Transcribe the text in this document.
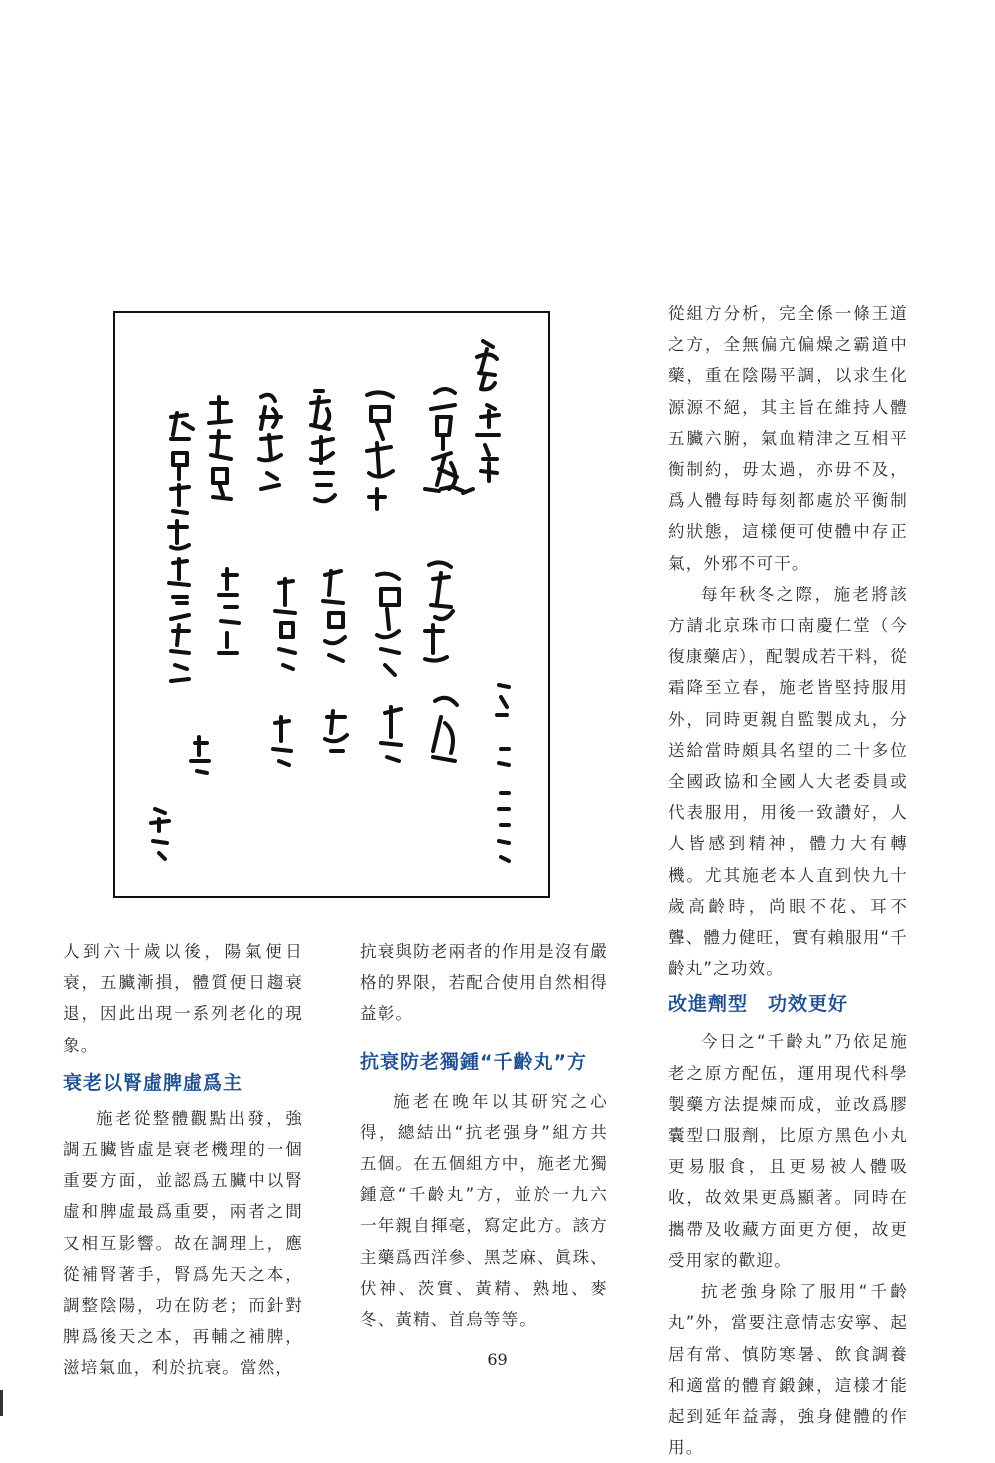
從組方分析，完全係一條王道之方，全無偏亢偏燥之霸道中藥，重在陰陽平調，以求生化源源不絕，其主旨在維持人體五臟六腑，氣血精津之互相平衡制約，毋太過，亦毋不及，爲人體每時每刻都處於平衡制約狀態，這樣便可使體中存正氣，外邪不可干。

每年秋冬之際，施老將該方請北京珠市口南慶仁堂（今復康藥店），配製成若干料，從霜降至立春，施老皆堅持服用外，同時更親自監製成丸，分送給當時頗具名望的二十多位全國政協和全國人大老委員或代表服用，用後一致讚好，人人皆感到精神，體力大有轉機。尤其施老本人直到快九十歲高齡時，尚眼不花、耳不聾、體力健旺，實有賴服用“千齡丸”之功效。

改進劑型　功效更好

今日之“千齡丸”乃依足施老之原方配伍，運用現代科學製藥方法提煉而成，並改爲膠囊型口服劑，比原方黑色小丸更易服食，且更易被人體吸收，故效果更爲顯著。同時在攜帶及收藏方面更方便，故更受用家的歡迎。

抗老強身除了服用“千齡丸”外，當要注意情志安寧、起居有常、慎防寒暑、飲食調養和適當的體育鍛鍊，這樣才能起到延年益壽，強身健體的作用。

人到六十歲以後，陽氣便日衰，五臟漸損，體質便日趨衰退，因此出現一系列老化的現象。

衰老以腎虛脾虛爲主

施老從整體觀點出發，強調五臟皆虛是衰老機理的一個重要方面，並認爲五臟中以腎虛和脾虛最爲重要，兩者之間又相互影響。故在調理上，應從補腎著手，腎爲先天之本，調整陰陽，功在防老；而針對脾爲後天之本，再輔之補脾，滋培氣血，利於抗衰。當然，

抗衰與防老兩者的作用是沒有嚴格的界限，若配合使用自然相得益彰。

抗衰防老獨鍾“千齡丸”方

施老在晚年以其研究之心得，總結出“抗老强身”組方共五個。在五個組方中，施老尤獨鍾意“千齡丸”方，並於一九六一年親自揮毫，寫定此方。該方主藥爲西洋參、黑芝麻、眞珠、伏神、茨實、黃精、熟地、麥冬、黃精、首烏等等。

69
